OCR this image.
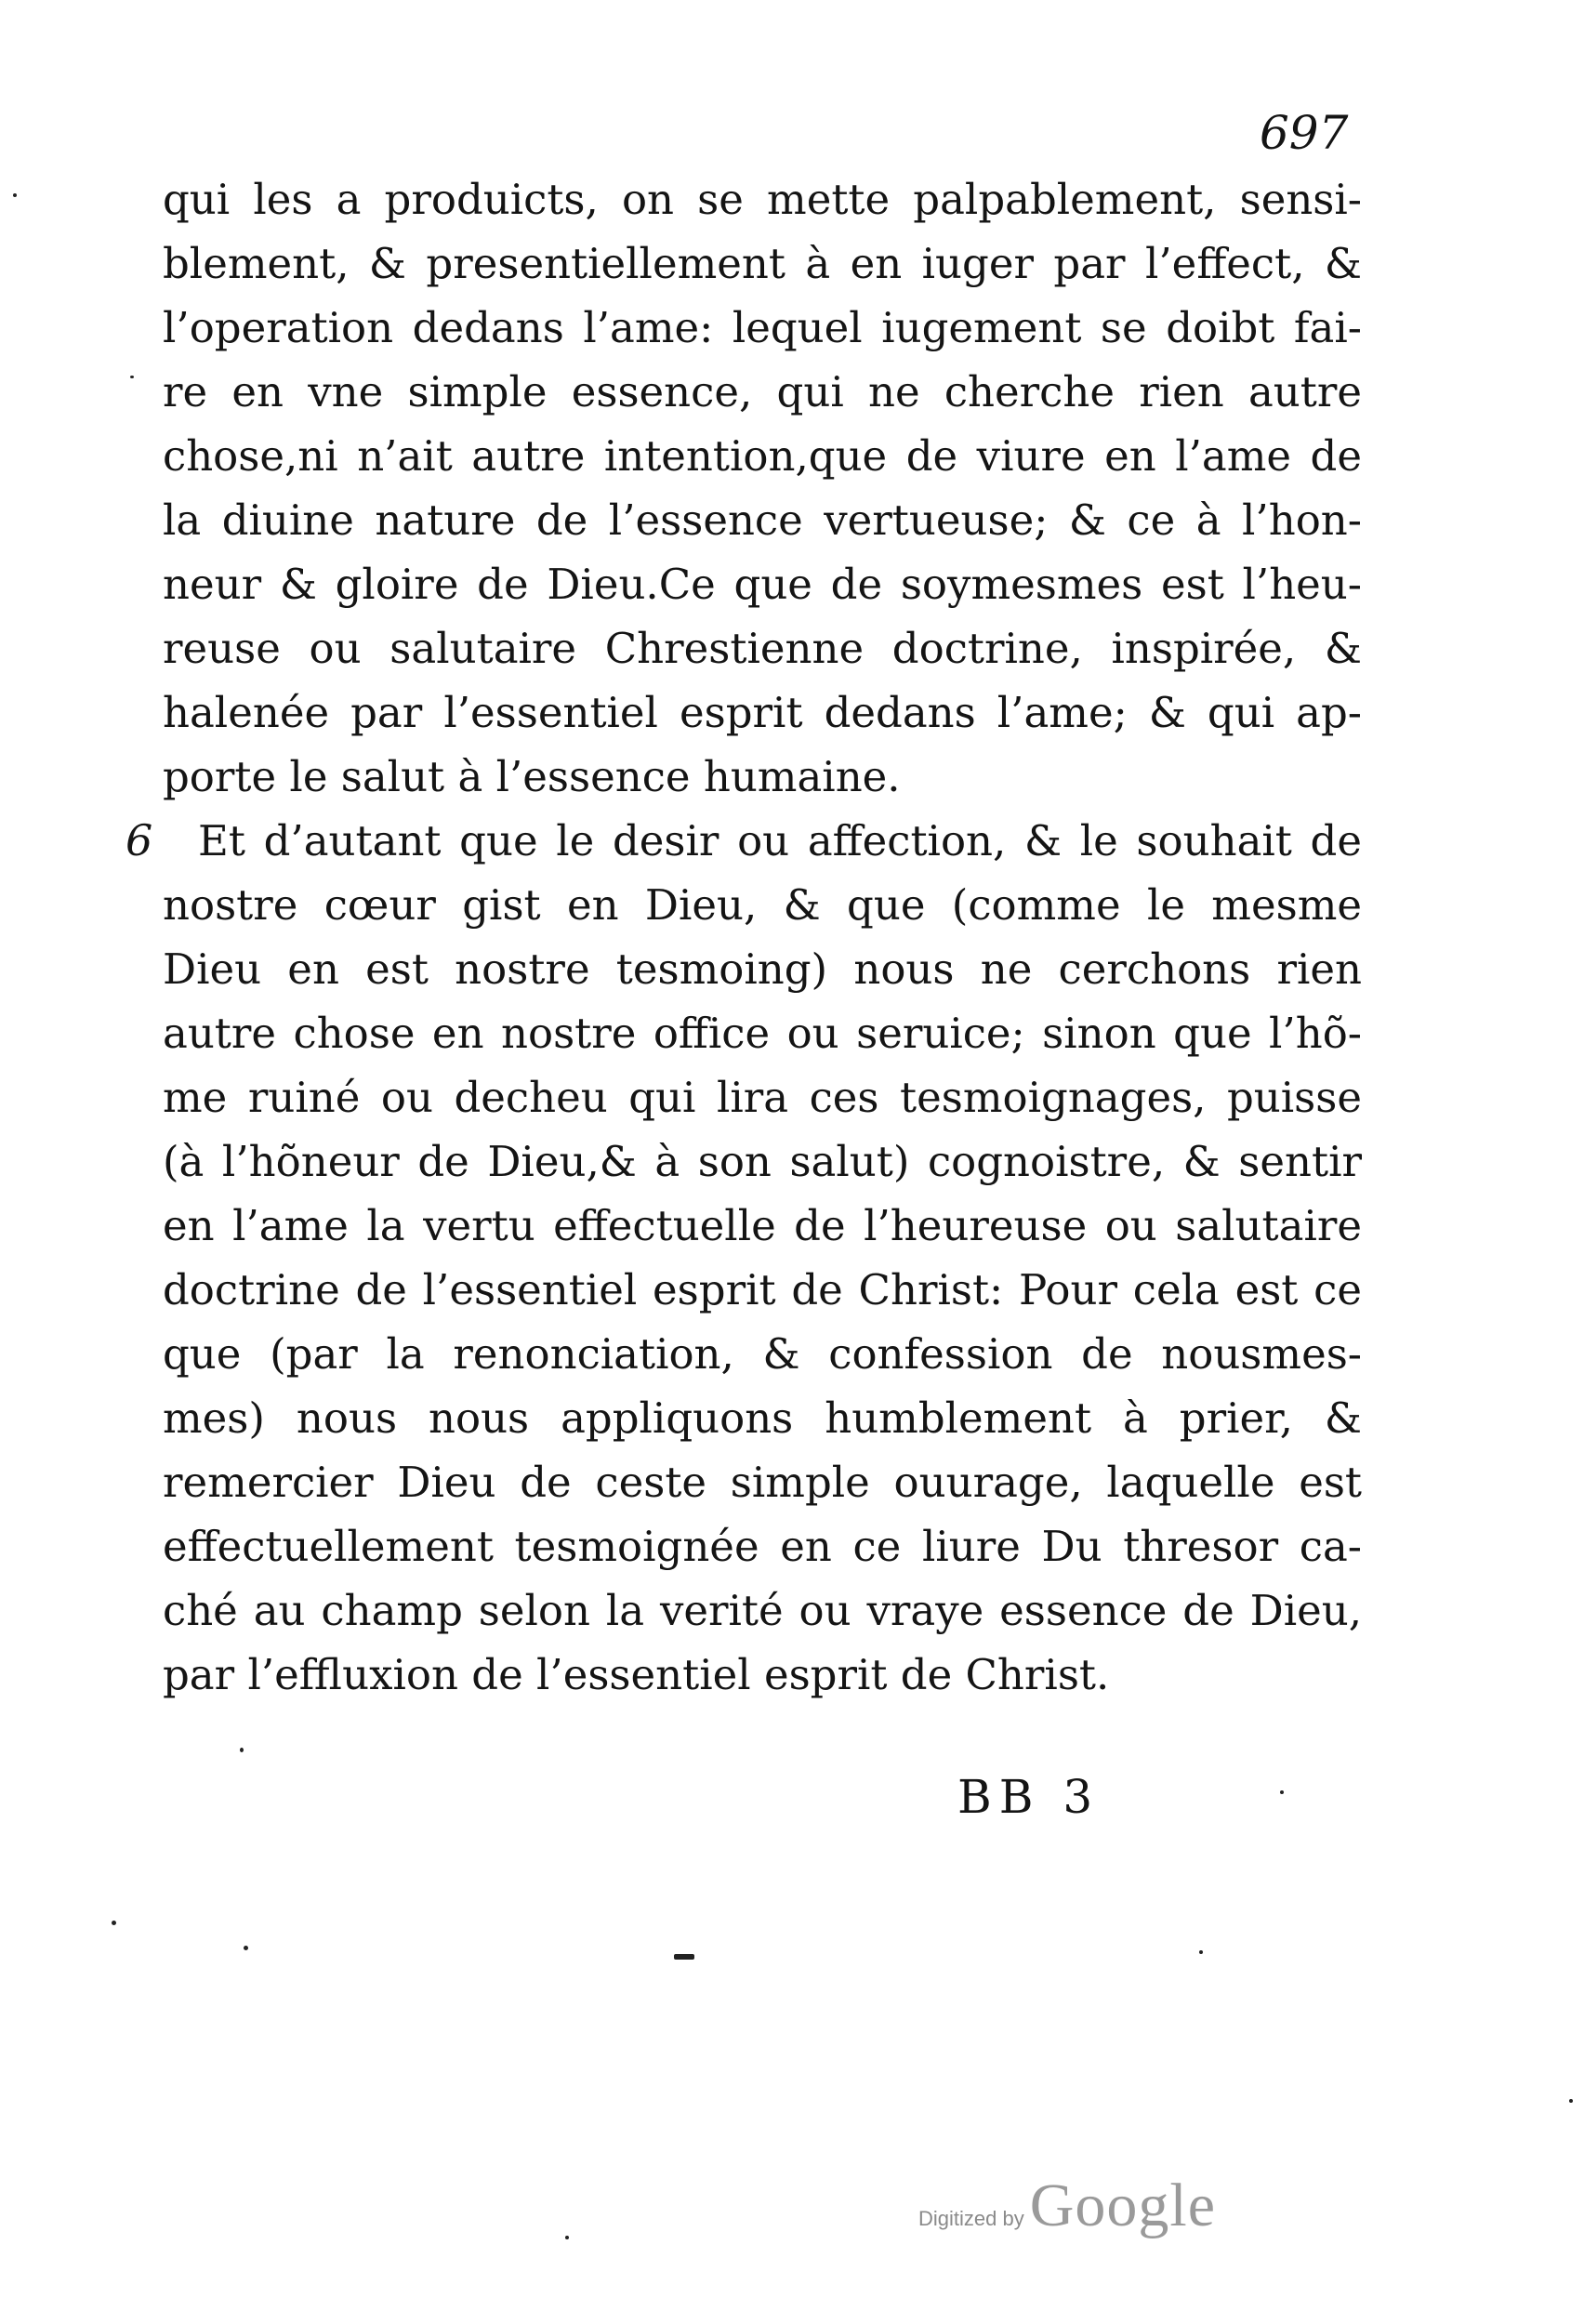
697
6
qui les a produicts, on se mette palpablement, sensi-
blement, & presentiellement à en iuger par l’effect, &
l’operation dedans l’ame: lequel iugement se doibt fai-
re en vne simple essence, qui ne cherche rien autre
chose,ni n’ait autre intention,que de viure en l’ame de
la diuine nature de l’essence vertueuse; & ce à l’hon-
neur & gloire de Dieu.Ce que de soymesmes est l’heu-
reuse ou salutaire Chrestienne doctrine, inspirée, &
halenée par l’essentiel esprit dedans l’ame; & qui ap-
porte le salut à l’essence humaine.
Et d’autant que le desir ou affection, & le souhait de
nostre cœur gist en Dieu, & que (comme le mesme
Dieu en est nostre tesmoing) nous ne cerchons rien
autre chose en nostre office ou seruice; sinon que l’hõ-
me ruiné ou decheu qui lira ces tesmoignages, puisse
(à l’hõneur de Dieu,& à son salut) cognoistre, & sentir
en l’ame la vertu effectuelle de l’heureuse ou salutaire
doctrine de l’essentiel esprit de Christ: Pour cela est ce
que (par la renonciation, & confession de nousmes-
mes) nous nous appliquons humblement à prier, &
remercier Dieu de ceste simple ouurage, laquelle est
effectuellement tesmoignée en ce liure Du thresor ca-
ché au champ selon la verité ou vraye essence de Dieu,
par l’effluxion de l’essentiel esprit de Christ.
BB 3
Digitized by Google
